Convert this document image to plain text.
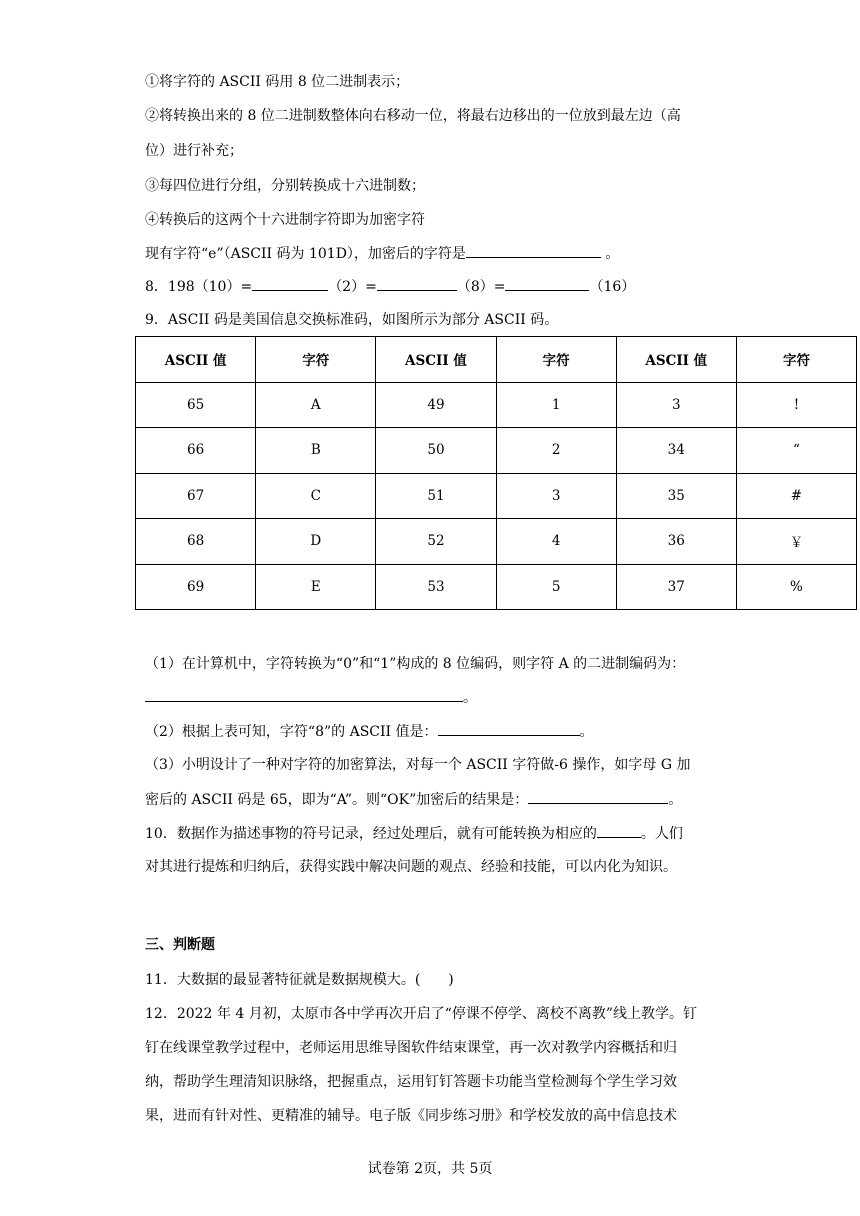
①将字符的 ASCII 码用 8 位二进制表示；
②将转换出来的 8 位二进制数整体向右移动一位，将最右边移出的一位放到最左边（高
位）进行补充；
③每四位进行分组，分别转换成十六进制数；
④转换后的这两个十六进制字符即为加密字符
现有字符“e”（ASCII 码为 101D），加密后的字符是	。
8．198（10）=	（2）=	（8）=	（16）
9．ASCII 码是美国信息交换标准码，如图所示为部分 ASCII 码。
ASCII 值	字符	ASCII 值	字符	ASCII 值	字符
65	A	49	1	3	!
66	B	50	2	34	“
67	C	51	3	35	#
68	D	52	4	36	￥
69	E	53	5	37	%
（1）在计算机中，字符转换为“0”和“1”构成的 8 位编码，则字符 A 的二进制编码为：
。
（2）根据上表可知，字符“8”的 ASCII 值是：	。
（3）小明设计了一种对字符的加密算法，对每一个 ASCII 字符做-6 操作，如字母 G 加
密后的 ASCII 码是 65，即为“A”。则“OK”加密后的结果是：	。
10．数据作为描述事物的符号记录，经过处理后，就有可能转换为相应的	。人们
对其进行提炼和归纳后，获得实践中解决问题的观点、经验和技能，可以内化为知识。
三、判断题
11．大数据的最显著特征就是数据规模大。(　　)
12．2022 年 4 月初，太原市各中学再次开启了“停课不停学、离校不离教”线上教学。钉
钉在线课堂教学过程中，老师运用思维导图软件结束课堂，再一次对教学内容概括和归
纳，帮助学生理清知识脉络，把握重点，运用钉钉答题卡功能当堂检测每个学生学习效
果，进而有针对性、更精准的辅导。电子版《同步练习册》和学校发放的高中信息技术
试卷第 2页，共 5页
